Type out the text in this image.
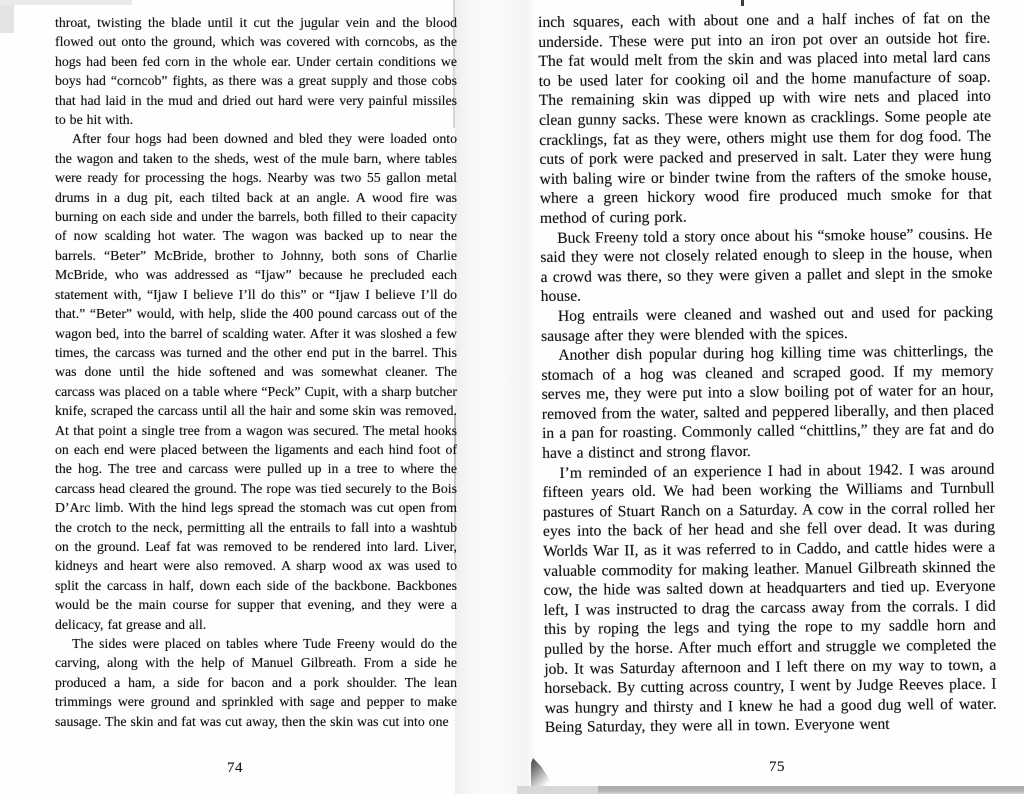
throat, twisting the blade until it cut the jugular vein and the blood flowed out onto the ground, which was covered with corncobs, as the hogs had been fed corn in the whole ear. Under certain conditions we boys had “corncob” fights, as there was a great supply and those cobs that had laid in the mud and dried out hard were very painful missiles to be hit with.

After four hogs had been downed and bled they were loaded onto the wagon and taken to the sheds, west of the mule barn, where tables were ready for processing the hogs. Nearby was two 55 gallon metal drums in a dug pit, each tilted back at an angle. A wood fire was burning on each side and under the barrels, both filled to their capacity of now scalding hot water. The wagon was backed up to near the barrels. “Beter” McBride, brother to Johnny, both sons of Charlie McBride, who was addressed as “Ijaw” because he precluded each statement with, “Ijaw I believe I’ll do this” or “Ijaw I believe I’ll do that.” “Beter” would, with help, slide the 400 pound carcass out of the wagon bed, into the barrel of scalding water. After it was sloshed a few times, the carcass was turned and the other end put in the barrel. This was done until the hide softened and was somewhat cleaner. The carcass was placed on a table where “Peck” Cupit, with a sharp butcher knife, scraped the carcass until all the hair and some skin was removed. At that point a single tree from a wagon was secured. The metal hooks on each end were placed between the ligaments and each hind foot of the hog. The tree and carcass were pulled up in a tree to where the carcass head cleared the ground. The rope was tied securely to the Bois D’Arc limb. With the hind legs spread the stomach was cut open from the crotch to the neck, permitting all the entrails to fall into a washtub on the ground. Leaf fat was removed to be rendered into lard. Liver, kidneys and heart were also removed. A sharp wood ax was used to split the carcass in half, down each side of the backbone. Backbones would be the main course for supper that evening, and they were a delicacy, fat grease and all.

The sides were placed on tables where Tude Freeny would do the carving, along with the help of Manuel Gilbreath. From a side he produced a ham, a side for bacon and a pork shoulder. The lean trimmings were ground and sprinkled with sage and pepper to make sausage. The skin and fat was cut away, then the skin was cut into one

74

inch squares, each with about one and a half inches of fat on the underside. These were put into an iron pot over an outside hot fire. The fat would melt from the skin and was placed into metal lard cans to be used later for cooking oil and the home manufacture of soap. The remaining skin was dipped up with wire nets and placed into clean gunny sacks. These were known as cracklings. Some people ate cracklings, fat as they were, others might use them for dog food. The cuts of pork were packed and preserved in salt. Later they were hung with baling wire or binder twine from the rafters of the smoke house, where a green hickory wood fire produced much smoke for that method of curing pork.

Buck Freeny told a story once about his “smoke house” cousins. He said they were not closely related enough to sleep in the house, when a crowd was there, so they were given a pallet and slept in the smoke house.

Hog entrails were cleaned and washed out and used for packing sausage after they were blended with the spices.

Another dish popular during hog killing time was chitterlings, the stomach of a hog was cleaned and scraped good. If my memory serves me, they were put into a slow boiling pot of water for an hour, removed from the water, salted and peppered liberally, and then placed in a pan for roasting. Commonly called “chittlins,” they are fat and do have a distinct and strong flavor.

I’m reminded of an experience I had in about 1942. I was around fifteen years old. We had been working the Williams and Turnbull pastures of Stuart Ranch on a Saturday. A cow in the corral rolled her eyes into the back of her head and she fell over dead. It was during Worlds War II, as it was referred to in Caddo, and cattle hides were a valuable commodity for making leather. Manuel Gilbreath skinned the cow, the hide was salted down at headquarters and tied up. Everyone left, I was instructed to drag the carcass away from the corrals. I did this by roping the legs and tying the rope to my saddle horn and pulled by the horse. After much effort and struggle we completed the job. It was Saturday afternoon and I left there on my way to town, a horseback. By cutting across country, I went by Judge Reeves place. I was hungry and thirsty and I knew he had a good dug well of water. Being Saturday, they were all in town. Everyone went

75
